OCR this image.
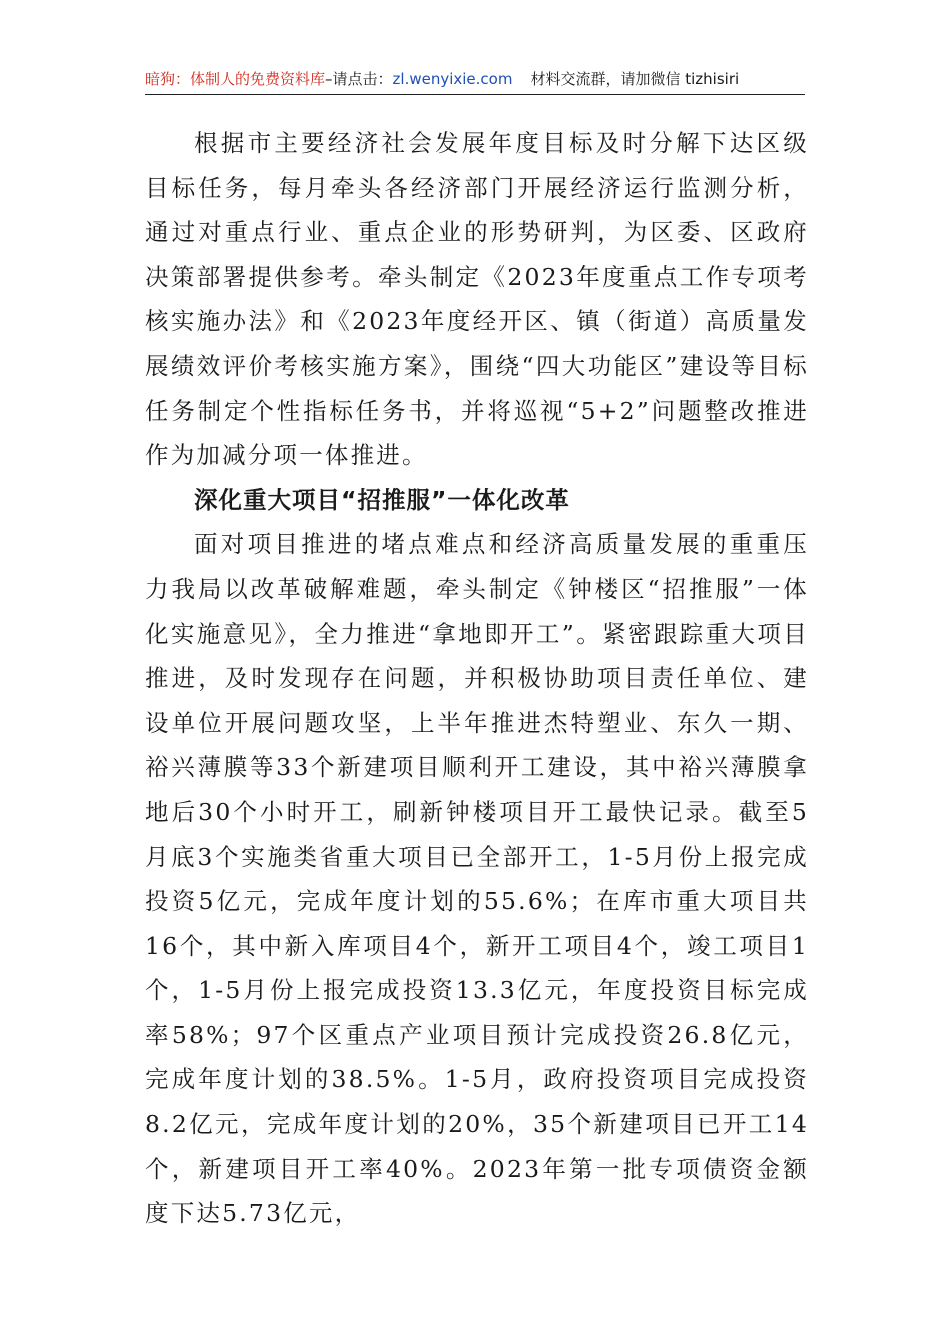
暗狗：体制人的免费资料库–请点击：zl.wenyixie.com 材料交流群，请加微信 tizhisiri

根据市主要经济社会发展年度目标及时分解下达区级目标任务，每月牵头各经济部门开展经济运行监测分析，通过对重点行业、重点企业的形势研判，为区委、区政府决策部署提供参考。牵头制定《2023年度重点工作专项考核实施办法》和《2023年度经开区、镇（街道）高质量发展绩效评价考核实施方案》，围绕“四大功能区”建设等目标任务制定个性指标任务书，并将巡视“5+2”问题整改推进作为加减分项一体推进。

深化重大项目“招推服”一体化改革

面对项目推进的堵点难点和经济高质量发展的重重压力我局以改革破解难题，牵头制定《钟楼区“招推服”一体化实施意见》，全力推进“拿地即开工”。紧密跟踪重大项目推进，及时发现存在问题，并积极协助项目责任单位、建设单位开展问题攻坚，上半年推进杰特塑业、东久一期、裕兴薄膜等33个新建项目顺利开工建设，其中裕兴薄膜拿地后30个小时开工，刷新钟楼项目开工最快记录。截至5月底3个实施类省重大项目已全部开工，1-5月份上报完成投资5亿元，完成年度计划的55.6%；在库市重大项目共16个，其中新入库项目4个，新开工项目4个，竣工项目1个，1-5月份上报完成投资13.3亿元，年度投资目标完成率58%；97个区重点产业项目预计完成投资26.8亿元，完成年度计划的38.5%。1-5月，政府投资项目完成投资8.2亿元，完成年度计划的20%，35个新建项目已开工14个，新建项目开工率40%。2023年第一批专项债资金额度下达5.73亿元，
